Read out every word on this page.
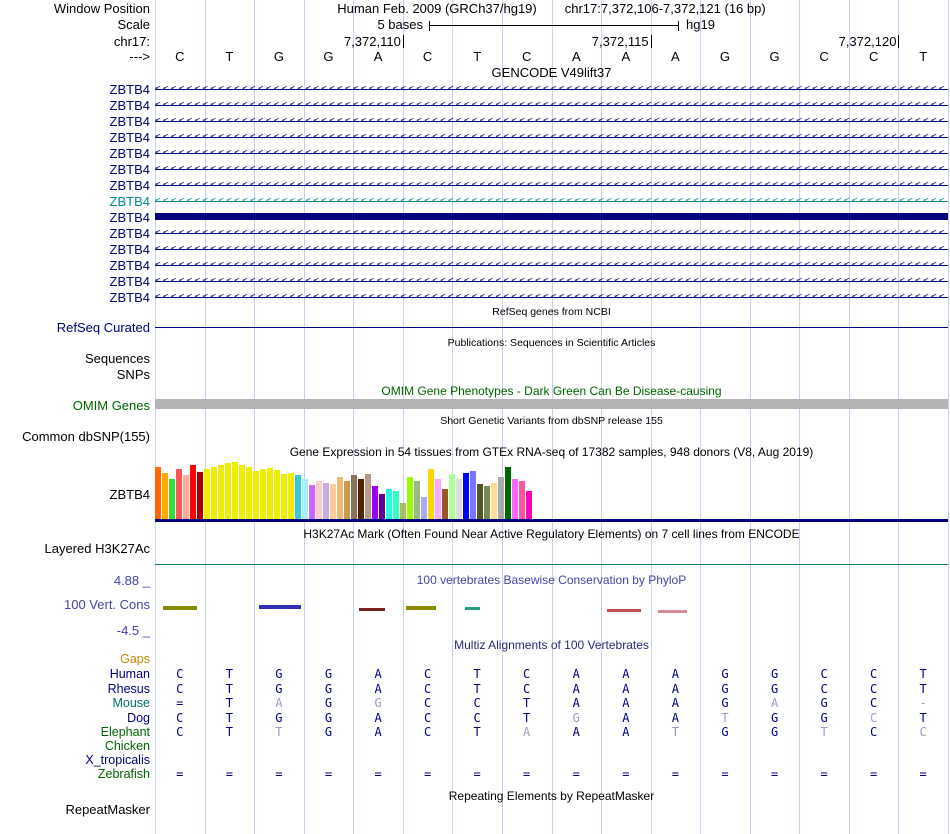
Window Position	Human Feb. 2009 (GRCh37/hg19) chr17:7,372,106-7,372,121 (16 bp)
Scale	5 bases	hg19
chr17:	7,372,110	7,372,115	7,372,120
--->	C	T	G	G	A	C	T	C	A	A	A	G	G	C	C	T
GENCODE V49lift37
ZBTB4 <<<<<<<<<<<<<<<<<<<<<<<<<<<<<<<<<<<<<<<<<<<<<<<<<<<<<<<<<<<<<<<<<<<<<<<<<<<<<<<<<<<<<<<<<<<<<<<<<<<<
ZBTB4 <<<<<<<<<<<<<<<<<<<<<<<<<<<<<<<<<<<<<<<<<<<<<<<<<<<<<<<<<<<<<<<<<<<<<<<<<<<<<<<<<<<<<<<<<<<<<<<<<<<<
ZBTB4 <<<<<<<<<<<<<<<<<<<<<<<<<<<<<<<<<<<<<<<<<<<<<<<<<<<<<<<<<<<<<<<<<<<<<<<<<<<<<<<<<<<<<<<<<<<<<<<<<<<<
ZBTB4 <<<<<<<<<<<<<<<<<<<<<<<<<<<<<<<<<<<<<<<<<<<<<<<<<<<<<<<<<<<<<<<<<<<<<<<<<<<<<<<<<<<<<<<<<<<<<<<<<<<<
ZBTB4 <<<<<<<<<<<<<<<<<<<<<<<<<<<<<<<<<<<<<<<<<<<<<<<<<<<<<<<<<<<<<<<<<<<<<<<<<<<<<<<<<<<<<<<<<<<<<<<<<<<<
ZBTB4 <<<<<<<<<<<<<<<<<<<<<<<<<<<<<<<<<<<<<<<<<<<<<<<<<<<<<<<<<<<<<<<<<<<<<<<<<<<<<<<<<<<<<<<<<<<<<<<<<<<<
ZBTB4 <<<<<<<<<<<<<<<<<<<<<<<<<<<<<<<<<<<<<<<<<<<<<<<<<<<<<<<<<<<<<<<<<<<<<<<<<<<<<<<<<<<<<<<<<<<<<<<<<<<<
ZBTB4 <<<<<<<<<<<<<<<<<<<<<<<<<<<<<<<<<<<<<<<<<<<<<<<<<<<<<<<<<<<<<<<<<<<<<<<<<<<<<<<<<<<<<<<<<<<<<<<<<<<<
ZBTB4
ZBTB4 <<<<<<<<<<<<<<<<<<<<<<<<<<<<<<<<<<<<<<<<<<<<<<<<<<<<<<<<<<<<<<<<<<<<<<<<<<<<<<<<<<<<<<<<<<<<<<<<<<<<
ZBTB4 <<<<<<<<<<<<<<<<<<<<<<<<<<<<<<<<<<<<<<<<<<<<<<<<<<<<<<<<<<<<<<<<<<<<<<<<<<<<<<<<<<<<<<<<<<<<<<<<<<<<
ZBTB4 <<<<<<<<<<<<<<<<<<<<<<<<<<<<<<<<<<<<<<<<<<<<<<<<<<<<<<<<<<<<<<<<<<<<<<<<<<<<<<<<<<<<<<<<<<<<<<<<<<<<
ZBTB4 <<<<<<<<<<<<<<<<<<<<<<<<<<<<<<<<<<<<<<<<<<<<<<<<<<<<<<<<<<<<<<<<<<<<<<<<<<<<<<<<<<<<<<<<<<<<<<<<<<<<
ZBTB4 <<<<<<<<<<<<<<<<<<<<<<<<<<<<<<<<<<<<<<<<<<<<<<<<<<<<<<<<<<<<<<<<<<<<<<<<<<<<<<<<<<<<<<<<<<<<<<<<<<<<
RefSeq genes from NCBI
RefSeq Curated
Publications: Sequences in Scientific Articles
Sequences
SNPs
OMIM Gene Phenotypes - Dark Green Can Be Disease-causing
OMIM Genes
Short Genetic Variants from dbSNP release 155
Common dbSNP(155)
Gene Expression in 54 tissues from GTEx RNA-seq of 17382 samples, 948 donors (V8, Aug 2019)
ZBTB4
H3K27Ac Mark (Often Found Near Active Regulatory Elements) on 7 cell lines from ENCODE
Layered H3K27Ac
100 vertebrates Basewise Conservation by PhyloP
4.88 _
100 Vert. Cons
-4.5 _
Multiz Alignments of 100 Vertebrates
Gaps
Human	C	T	G	G	A	C	T	C	A	A	A	G	G	C	C	T
Rhesus	C	T	G	G	A	C	T	C	A	A	A	G	G	C	C	T
Mouse	=	T	A	G	G	C	C	T	A	A	A	G	A	G	C	-
Dog	C	T	G	G	A	C	C	T	G	A	A	T	G	G	C	T
Elephant	C	T	T	G	A	C	T	A	A	A	T	G	G	T	C	C
Chicken
X_tropicalis
Zebrafish	=	=	=	=	=	=	=	=	=	=	=	=	=	=	=	=
Repeating Elements by RepeatMasker
RepeatMasker
